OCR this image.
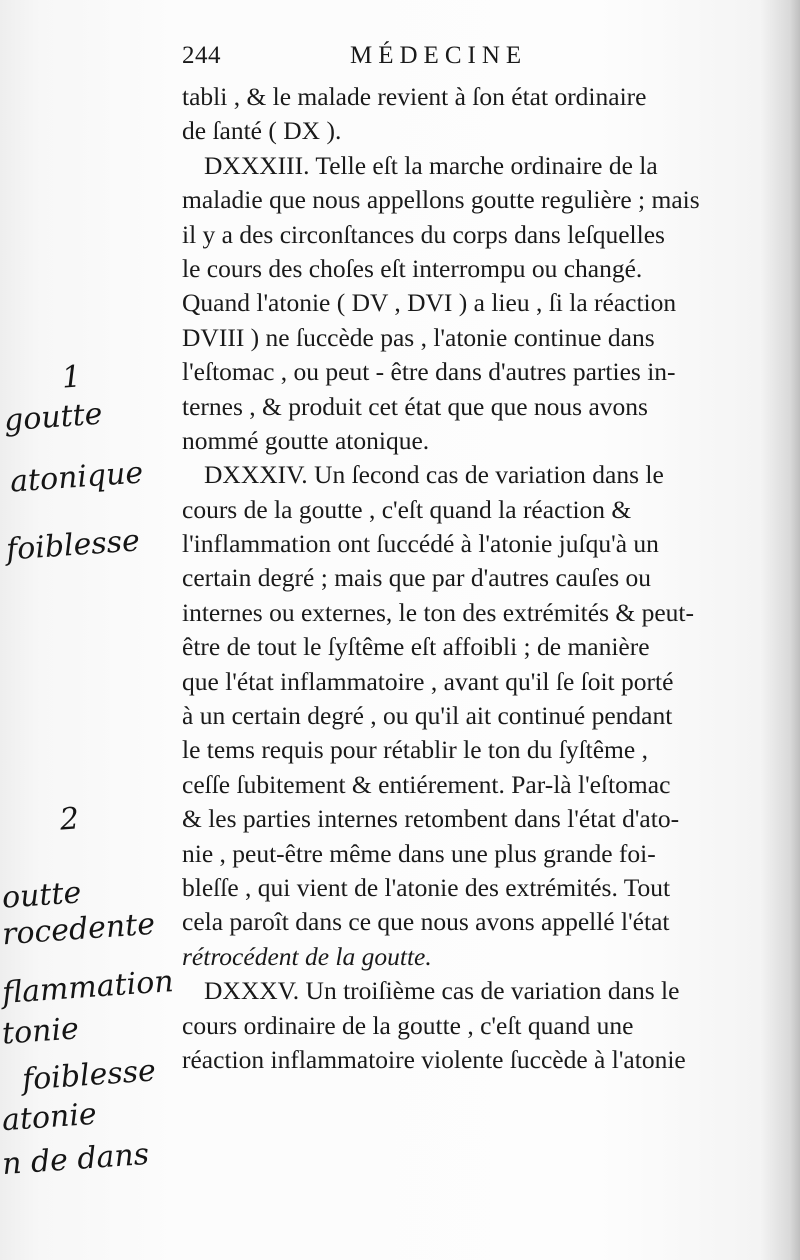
244	MÉDECINE
tabli , & le malade revient à ſon état ordinaire
de ſanté ( DX ).
DXXXIII. Telle eſt la marche ordinaire de la
maladie que nous appellons goutte regulière ; mais
il y a des circonſtances du corps dans leſquelles
le cours des choſes eſt interrompu ou changé.
Quand l'atonie ( DV , DVI ) a lieu , ſi la réaction
DVIII ) ne ſuccède pas , l'atonie continue dans
l'eſtomac , ou peut - être dans d'autres parties in-
ternes , & produit cet état que que nous avons
nommé goutte atonique.
DXXXIV. Un ſecond cas de variation dans le
cours de la goutte , c'eſt quand la réaction &
l'inflammation ont ſuccédé à l'atonie juſqu'à un
certain degré ; mais que par d'autres cauſes ou
internes ou externes, le ton des extrémités & peut-
être de tout le ſyſtême eſt affoibli ; de manière
que l'état inflammatoire , avant qu'il ſe ſoit porté
à un certain degré , ou qu'il ait continué pendant
le tems requis pour rétablir le ton du ſyſtême ,
ceſſe ſubitement & entiérement. Par-là l'eſtomac
& les parties internes retombent dans l'état d'ato-
nie , peut-être même dans une plus grande foi-
bleſſe , qui vient de l'atonie des extrémités. Tout
cela paroît dans ce que nous avons appellé l'état
rétrocédent de la goutte.
DXXXV. Un troiſième cas de variation dans le
cours ordinaire de la goutte , c'eſt quand une
réaction inflammatoire violente ſuccède à l'atonie
1
goutte
atonique
foiblesse
2
outte
rocedente
flammation
tonie
foiblesse
atonie
n de dans
